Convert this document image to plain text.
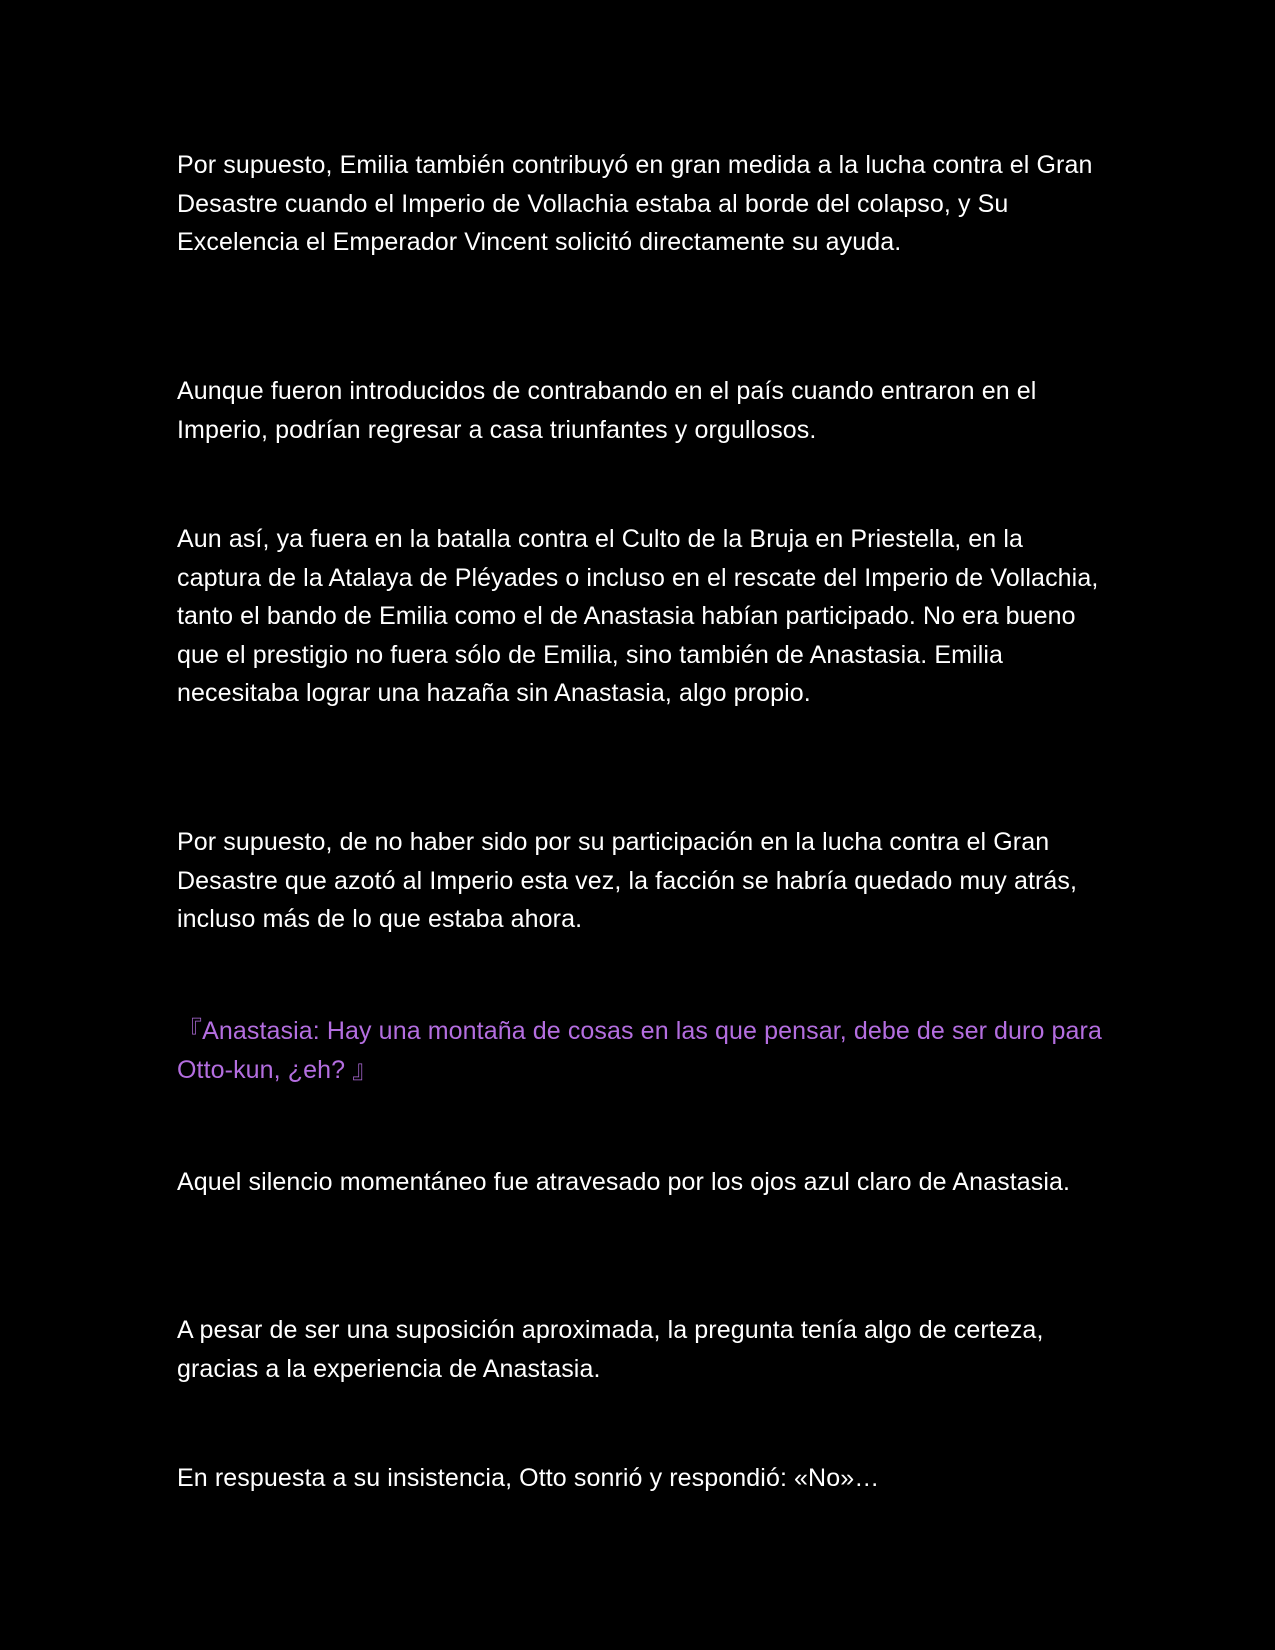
Por supuesto, Emilia también contribuyó en gran medida a la lucha contra el Gran Desastre cuando el Imperio de Vollachia estaba al borde del colapso, y Su Excelencia el Emperador Vincent solicitó directamente su ayuda.

Aunque fueron introducidos de contrabando en el país cuando entraron en el Imperio, podrían regresar a casa triunfantes y orgullosos.

Aun así, ya fuera en la batalla contra el Culto de la Bruja en Priestella, en la captura de la Atalaya de Pléyades o incluso en el rescate del Imperio de Vollachia, tanto el bando de Emilia como el de Anastasia habían participado. No era bueno que el prestigio no fuera sólo de Emilia, sino también de Anastasia. Emilia necesitaba lograr una hazaña sin Anastasia, algo propio.

Por supuesto, de no haber sido por su participación en la lucha contra el Gran Desastre que azotó al Imperio esta vez, la facción se habría quedado muy atrás, incluso más de lo que estaba ahora.

『Anastasia: Hay una montaña de cosas en las que pensar, debe de ser duro para Otto-kun, ¿eh? 』

Aquel silencio momentáneo fue atravesado por los ojos azul claro de Anastasia.

A pesar de ser una suposición aproximada, la pregunta tenía algo de certeza, gracias a la experiencia de Anastasia.

En respuesta a su insistencia, Otto sonrió y respondió: «No»…
